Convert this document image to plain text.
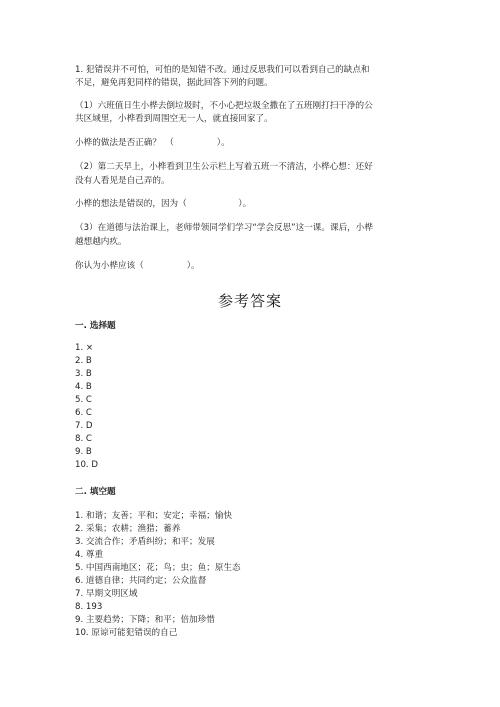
1. 犯错误并不可怕，可怕的是知错不改。通过反思我们可以看到自己的缺点和
不足，避免再犯同样的错误，据此回答下列的问题。
（1）六班值日生小桦去倒垃圾时，不小心把垃圾全撒在了五班刚打扫干净的公
共区域里，小桦看到周围空无一人，就直接回家了。
小桦的做法是否正确？　（　　　　　）。
（2）第二天早上，小桦看到卫生公示栏上写着五班一不清洁，小桦心想：还好
没有人看见是自己弄的。
小桦的想法是错误的，因为（　　　　　　）。
（3）在道德与法治课上，老师带领同学们学习“学会反思”这一课。课后，小桦
越想越内疚。
你认为小桦应该（　　　　　）。
参考答案
一. 选择题
1. ×
2. B
3. B
4. B
5. C
6. C
7. D
8. C
9. B
10. D
二. 填空题
1. 和谐；友善；平和；安定；幸福；愉快
2. 采集；农耕；渔猎；蓄养
3. 交流合作；矛盾纠纷；和平；发展
4. 尊重
5. 中国西南地区；花；鸟；虫；鱼；原生态
6. 道德自律；共同约定；公众监督
7. 早期文明区域
8. 193
9. 主要趋势；下降；和平；倍加珍惜
10. 原谅可能犯错误的自己
